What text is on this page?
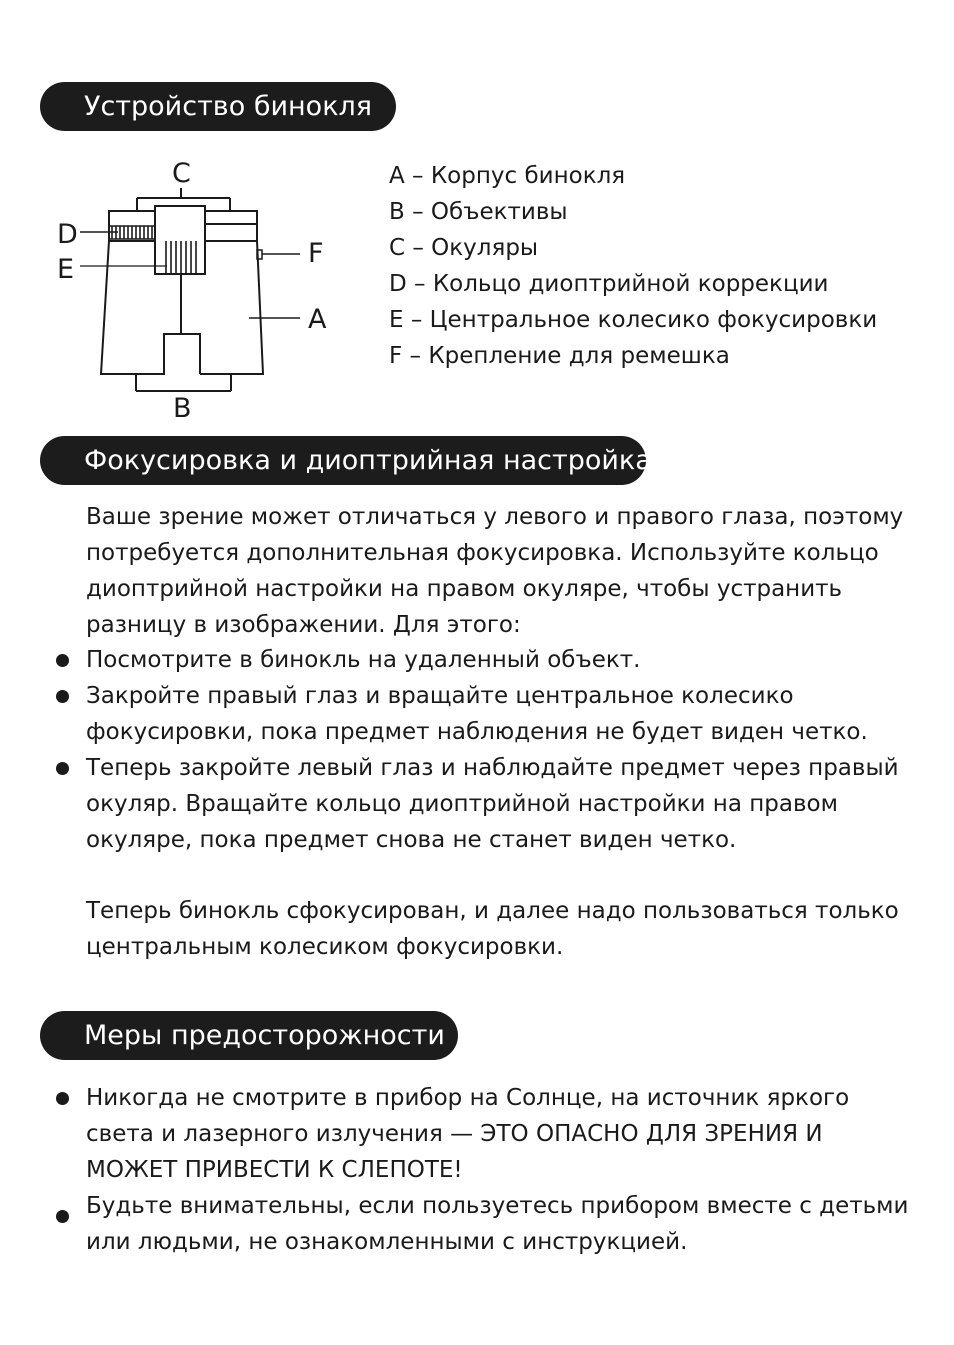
Устройство бинокля
C
D
E
F
A
B
A – Корпус бинокля
B – Объективы
C – Окуляры
D – Кольцо диоптрийной коррекции
E – Центральное колесико фокусировки
F – Крепление для ремешка
Фокусировка и диоптрийная настройка

Ваше зрение может отличаться у левого и правого глаза, поэтому потребуется дополнительная фокусировка. Используйте кольцо диоптрийной настройки на правом окуляре, чтобы устранить разницу в изображении. Для этого:

Посмотрите в бинокль на удаленный объект.
Закройте правый глаз и вращайте центральное колесико фокусировки, пока предмет наблюдения не будет виден четко.
Теперь закройте левый глаз и наблюдайте предмет через правый окуляр. Вращайте кольцо диоптрийной настройки на правом окуляре, пока предмет снова не станет виден четко.

Теперь бинокль сфокусирован, и далее надо пользоваться только центральным колесиком фокусировки.

Меры предосторожности
Никогда не смотрите в прибор на Солнце, на источник яркого света и лазерного излучения — ЭТО ОПАСНО ДЛЯ ЗРЕНИЯ И МОЖЕТ ПРИВЕСТИ К СЛЕПОТЕ!
Будьте внимательны, если пользуетесь прибором вместе с детьми или людьми, не ознакомленными с инструкцией.
